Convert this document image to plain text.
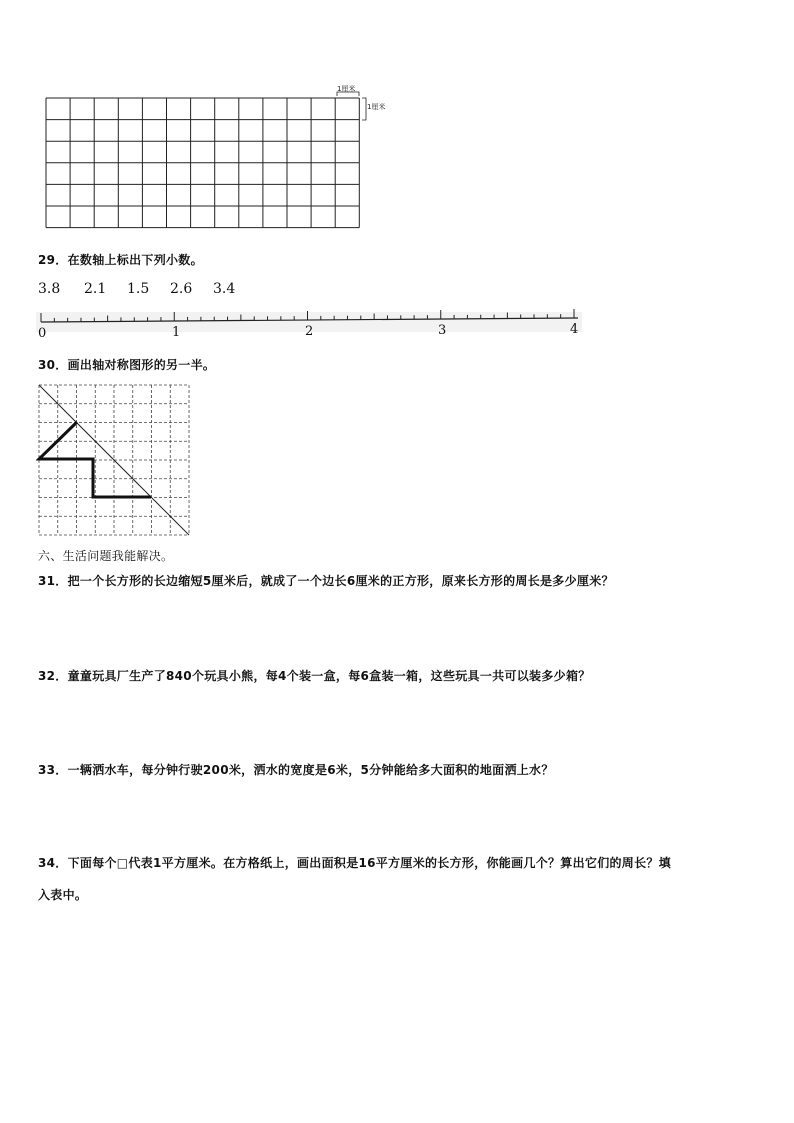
1厘米
1厘米
29．在数轴上标出下列小数。
3.8 2.1 1.5 2.6 3.4
0	1	2	3	4
30．画出轴对称图形的另一半。
六、生活问题我能解决。
31．把一个长方形的长边缩短5厘米后，就成了一个边长6厘米的正方形，原来长方形的周长是多少厘米？
32．童童玩具厂生产了840个玩具小熊，每4个装一盒，每6盒装一箱，这些玩具一共可以装多少箱？
33．一辆洒水车，每分钟行驶200米，洒水的宽度是6米，5分钟能给多大面积的地面洒上水？
34．下面每个□代表1平方厘米。在方格纸上，画出面积是16平方厘米的长方形，你能画几个？算出它们的周长？填
入表中。
